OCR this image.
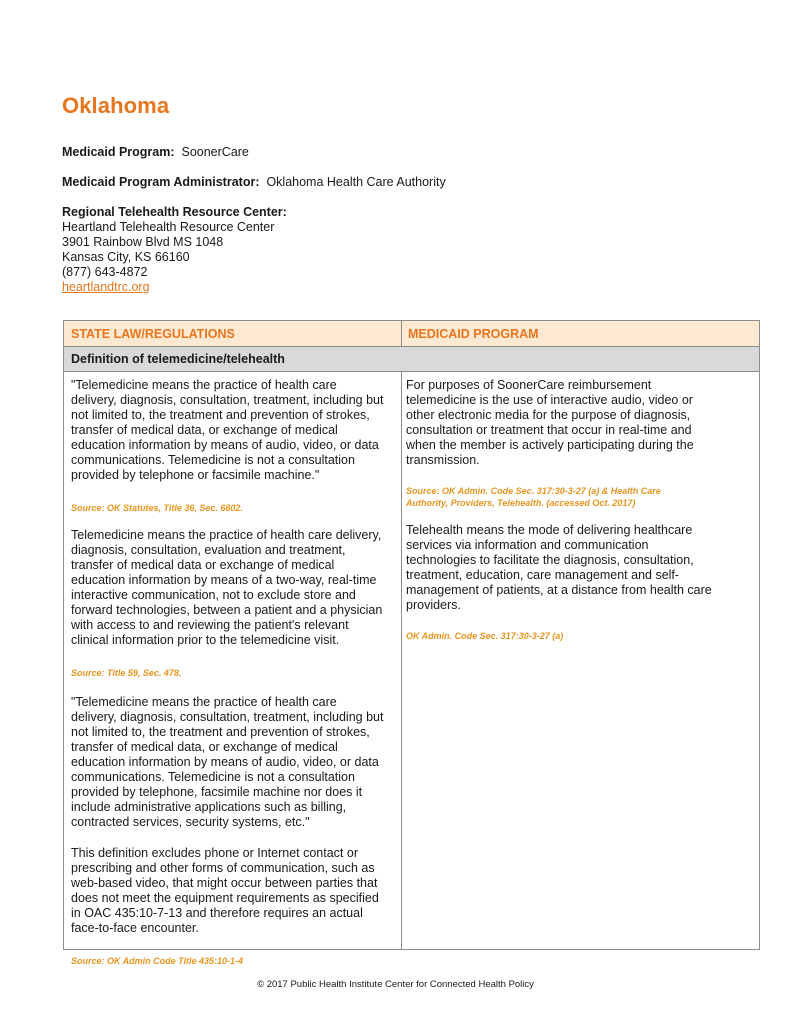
Oklahoma
Medicaid Program: SoonerCare
Medicaid Program Administrator: Oklahoma Health Care Authority
Regional Telehealth Resource Center:
Heartland Telehealth Resource Center
3901 Rainbow Blvd MS 1048
Kansas City, KS 66160
(877) 643-4872
heartlandtrc.org
STATE LAW/REGULATIONS	MEDICAID PROGRAM
Definition of telemedicine/telehealth

"Telemedicine means the practice of health care
delivery, diagnosis, consultation, treatment, including but
not limited to, the treatment and prevention of strokes,
transfer of medical data, or exchange of medical
education information by means of audio, video, or data
communications. Telemedicine is not a consultation
provided by telephone or facsimile machine."

Source: OK Statutes, Title 36, Sec. 6802.

Telemedicine means the practice of health care delivery,
diagnosis, consultation, evaluation and treatment,
transfer of medical data or exchange of medical
education information by means of a two-way, real-time
interactive communication, not to exclude store and
forward technologies, between a patient and a physician
with access to and reviewing the patient's relevant
clinical information prior to the telemedicine visit.

Source: Title 59, Sec. 478.

"Telemedicine means the practice of health care
delivery, diagnosis, consultation, treatment, including but
not limited to, the treatment and prevention of strokes,
transfer of medical data, or exchange of medical
education information by means of audio, video, or data
communications. Telemedicine is not a consultation
provided by telephone, facsimile machine nor does it
include administrative applications such as billing,
contracted services, security systems, etc."

This definition excludes phone or Internet contact or
prescribing and other forms of communication, such as
web-based video, that might occur between parties that
does not meet the equipment requirements as specified
in OAC 435:10-7-13 and therefore requires an actual
face-to-face encounter.

Source: OK Admin Code Title 435:10-1-4

For purposes of SoonerCare reimbursement
telemedicine is the use of interactive audio, video or
other electronic media for the purpose of diagnosis,
consultation or treatment that occur in real-time and
when the member is actively participating during the
transmission.

Source: OK Admin. Code Sec. 317:30-3-27 (a) & Health Care
Authority, Providers, Telehealth. (accessed Oct. 2017)

Telehealth means the mode of delivering healthcare
services via information and communication
technologies to facilitate the diagnosis, consultation,
treatment, education, care management and self-
management of patients, at a distance from health care
providers.

OK Admin. Code Sec. 317:30-3-27 (a)

© 2017 Public Health Institute Center for Connected Health Policy
